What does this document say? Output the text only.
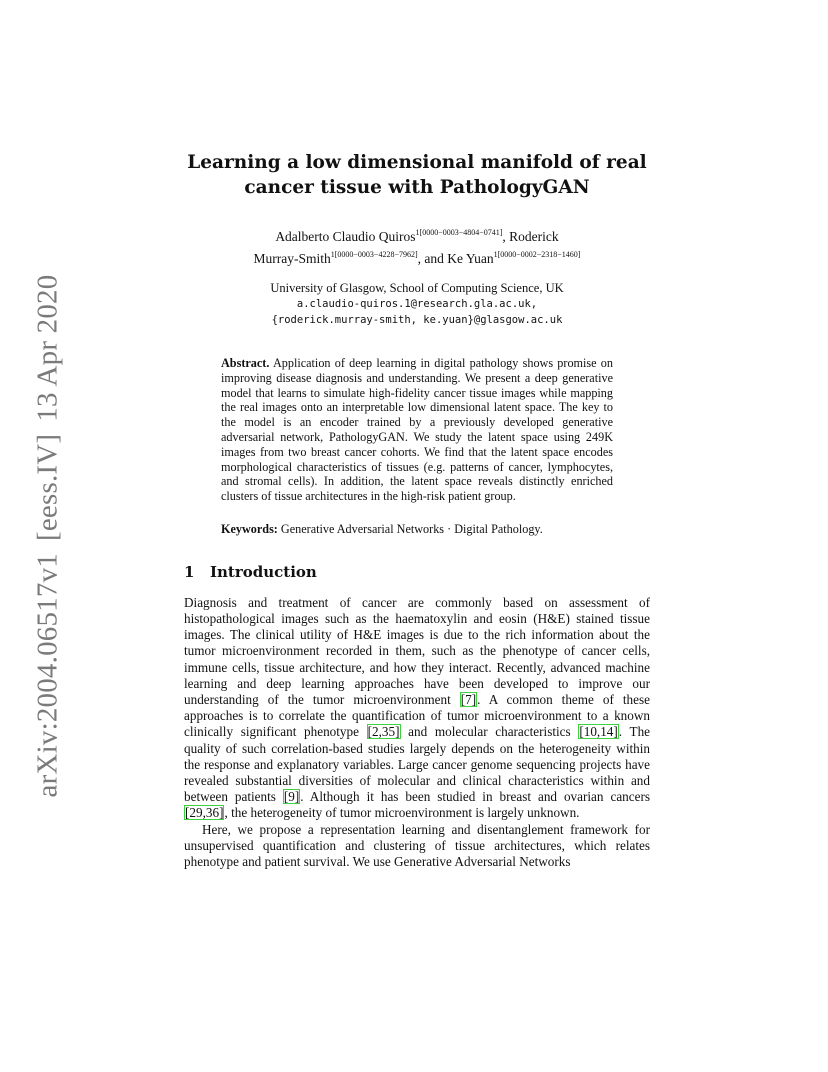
arXiv:2004.06517v1[eess.IV]13 Apr 2020
Learning a low dimensional manifold of real
cancer tissue with PathologyGAN
Adalberto Claudio Quiros$^{1[0000-0003-4804-0741]}$, Roderick
Murray-Smith$^{1[0000-0003-4228-7962]}$, and Ke Yuan$^{1[0000-0002-2318-1460]}$
University of Glasgow, School of Computing Science, UK
a.claudio-quiros.1@research.gla.ac.uk,
{roderick.murray-smith, ke.yuan}@glasgow.ac.uk
Abstract. Application of deep learning in digital pathology shows promise on improving disease diagnosis and understanding. We present a deep generative model that learns to simulate high-fidelity cancer tissue images while mapping the real images onto an interpretable low dimensional latent space. The key to the model is an encoder trained by a previously developed generative adversarial network, PathologyGAN. We study the latent space using 249K images from two breast cancer cohorts. We find that the latent space encodes morphological characteristics of tissues (e.g. patterns of cancer, lymphocytes, and stromal cells). In addition, the latent space reveals distinctly enriched clusters of tissue architectures in the high-risk patient group.
Keywords: Generative Adversarial Networks · Digital Pathology.
1 Introduction

Diagnosis and treatment of cancer are commonly based on assessment of histopathological images such as the haematoxylin and eosin (H&E) stained tissue images. The clinical utility of H&E images is due to the rich information about the tumor microenvironment recorded in them, such as the phenotype of cancer cells, immune cells, tissue architecture, and how they interact. Recently, advanced machine learning and deep learning approaches have been developed to improve our understanding of the tumor microenvironment [7]. A common theme of these approaches is to correlate the quantification of tumor microenvironment to a known clinically significant phenotype [2,35] and molecular characteristics [10,14]. The quality of such correlation-based studies largely depends on the heterogeneity within the response and explanatory variables. Large cancer genome sequencing projects have revealed substantial diversities of molecular and clinical characteristics within and between patients [9]. Although it has been studied in breast and ovarian cancers [29,36], the heterogeneity of tumor microenvironment is largely unknown.

Here, we propose a representation learning and disentanglement framework for unsupervised quantification and clustering of tissue architectures, which relates phenotype and patient survival. We use Generative Adversarial Networks
